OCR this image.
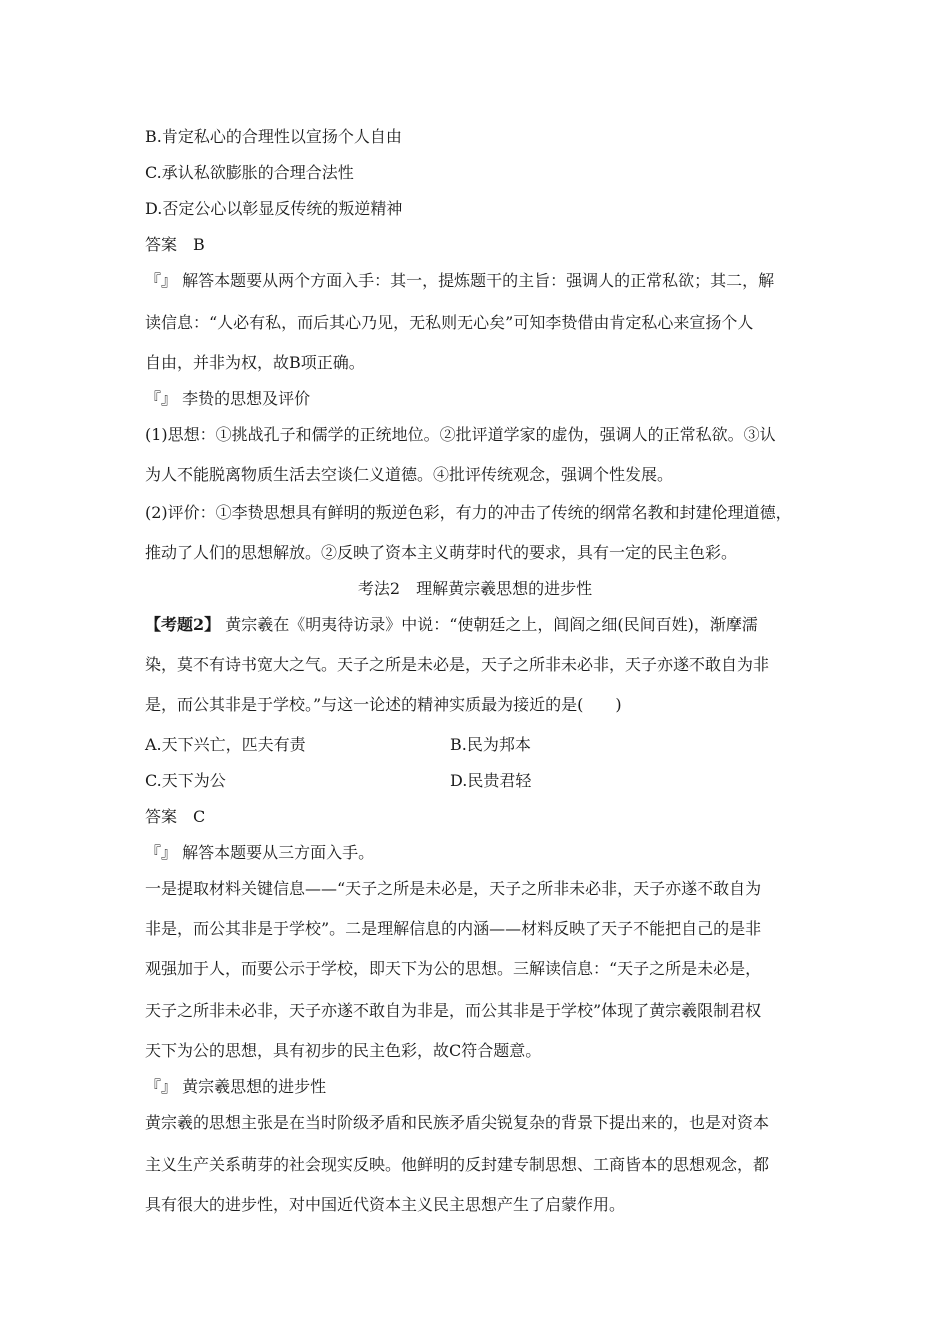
B.肯定私心的合理性以宣扬个人自由
C.承认私欲膨胀的合理合法性
D.否定公心以彰显反传统的叛逆精神
答案　B
『』 解答本题要从两个方面入手：其一，提炼题干的主旨：强调人的正常私欲；其二，解
读信息：“人必有私，而后其心乃见，无私则无心矣”可知李贽借由肯定私心来宣扬个人
自由，并非为权，故B项正确。
『』 李贽的思想及评价
(1)思想：①挑战孔子和儒学的正统地位。②批评道学家的虚伪，强调人的正常私欲。③认
为人不能脱离物质生活去空谈仁义道德。④批评传统观念，强调个性发展。
(2)评价：①李贽思想具有鲜明的叛逆色彩，有力的冲击了传统的纲常名教和封建伦理道德，
推动了人们的思想解放。②反映了资本主义萌芽时代的要求，具有一定的民主色彩。
考法2　理解黄宗羲思想的进步性
【考题2】 黄宗羲在《明夷待访录》中说：“使朝廷之上，闾阎之细(民间百姓)，渐摩濡
染，莫不有诗书宽大之气。天子之所是未必是，天子之所非未必非，天子亦遂不敢自为非
是，而公其非是于学校。”与这一论述的精神实质最为接近的是(　　)
A.天下兴亡，匹夫有责	B.民为邦本
C.天下为公	D.民贵君轻
答案　C
『』 解答本题要从三方面入手。
一是提取材料关键信息——“天子之所是未必是，天子之所非未必非，天子亦遂不敢自为
非是，而公其非是于学校”。二是理解信息的内涵——材料反映了天子不能把自己的是非
观强加于人，而要公示于学校，即天下为公的思想。三解读信息：“天子之所是未必是，
天子之所非未必非，天子亦遂不敢自为非是，而公其非是于学校”体现了黄宗羲限制君权
天下为公的思想，具有初步的民主色彩，故C符合题意。
『』 黄宗羲思想的进步性
黄宗羲的思想主张是在当时阶级矛盾和民族矛盾尖锐复杂的背景下提出来的，也是对资本
主义生产关系萌芽的社会现实反映。他鲜明的反封建专制思想、工商皆本的思想观念，都
具有很大的进步性，对中国近代资本主义民主思想产生了启蒙作用。
